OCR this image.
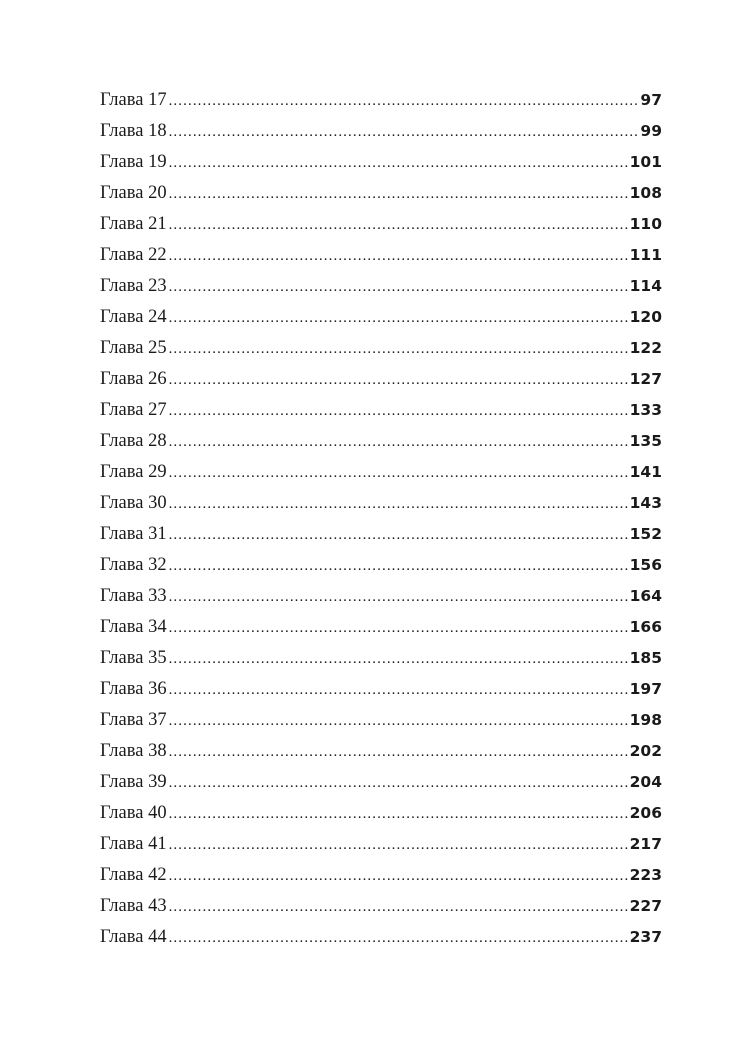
Глава 17 .....	97
Глава 18 .....	99
Глава 19 .....	101
Глава 20 .....	108
Глава 21 .....	110
Глава 22 .....	111
Глава 23 .....	114
Глава 24 .....	120
Глава 25 .....	122
Глава 26 .....	127
Глава 27 .....	133
Глава 28 .....	135
Глава 29 .....	141
Глава 30 .....	143
Глава 31 .....	152
Глава 32 .....	156
Глава 33 .....	164
Глава 34 .....	166
Глава 35 .....	185
Глава 36 .....	197
Глава 37 .....	198
Глава 38 .....	202
Глава 39 .....	204
Глава 40 .....	206
Глава 41 .....	217
Глава 42 .....	223
Глава 43 .....	227
Глава 44 .....	237
